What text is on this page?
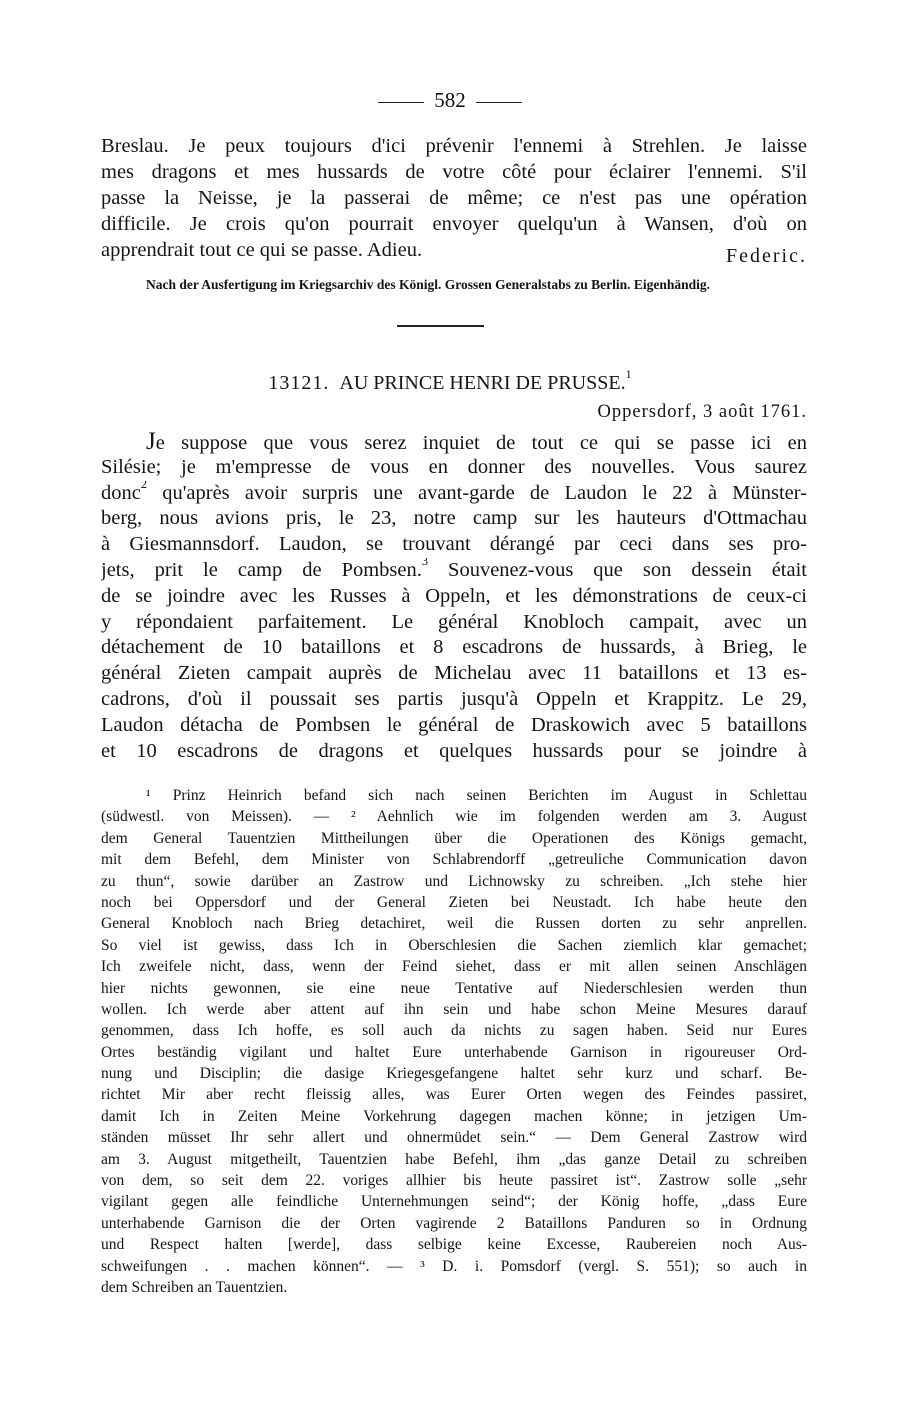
582
Breslau. Je peux toujours d'ici prévenir l'ennemi à Strehlen. Je laisse
mes dragons et mes hussards de votre côté pour éclairer l'ennemi. S'il
passe la Neisse, je la passerai de même; ce n'est pas une opération
difficile. Je crois qu'on pourrait envoyer quelqu'un à Wansen, d'où on
apprendrait tout ce qui se passe. Adieu.	Federic.
Nach der Ausfertigung im Kriegsarchiv des Königl. Grossen Generalstabs zu Berlin. Eigenhändig.
13121. AU PRINCE HENRI DE PRUSSE.$^1$
Oppersdorf, 3 août 1761.
Je suppose que vous serez inquiet de tout ce qui se passe ici en
Silésie; je m'empresse de vous en donner des nouvelles. Vous saurez
donc$^2$ qu'après avoir surpris une avant-garde de Laudon le 22 à Münster-
berg, nous avions pris, le 23, notre camp sur les hauteurs d'Ottmachau
à Giesmannsdorf. Laudon, se trouvant dérangé par ceci dans ses pro-
jets, prit le camp de Pombsen.$^3$ Souvenez-vous que son dessein était
de se joindre avec les Russes à Oppeln, et les démonstrations de ceux-ci
y répondaient parfaitement. Le général Knobloch campait, avec un
détachement de 10 bataillons et 8 escadrons de hussards, à Brieg, le
général Zieten campait auprès de Michelau avec 11 bataillons et 13 es-
cadrons, d'où il poussait ses partis jusqu'à Oppeln et Krappitz. Le 29,
Laudon détacha de Pombsen le général de Draskowich avec 5 bataillons
et 10 escadrons de dragons et quelques hussards pour se joindre à
¹ Prinz Heinrich befand sich nach seinen Berichten im August in Schlettau
(südwestl. von Meissen). — ² Aehnlich wie im folgenden werden am 3. August
dem General Tauentzien Mittheilungen über die Operationen des Königs gemacht,
mit dem Befehl, dem Minister von Schlabrendorff „getreuliche Communication davon
zu thun“, sowie darüber an Zastrow und Lichnowsky zu schreiben. „Ich stehe hier
noch bei Oppersdorf und der General Zieten bei Neustadt. Ich habe heute den
General Knobloch nach Brieg detachiret, weil die Russen dorten zu sehr anprellen.
So viel ist gewiss, dass Ich in Oberschlesien die Sachen ziemlich klar gemachet;
Ich zweifele nicht, dass, wenn der Feind siehet, dass er mit allen seinen Anschlägen
hier nichts gewonnen, sie eine neue Tentative auf Niederschlesien werden thun
wollen. Ich werde aber attent auf ihn sein und habe schon Meine Mesures darauf
genommen, dass Ich hoffe, es soll auch da nichts zu sagen haben. Seid nur Eures
Ortes beständig vigilant und haltet Eure unterhabende Garnison in rigoureuser Ord-
nung und Disciplin; die dasige Kriegesgefangene haltet sehr kurz und scharf. Be-
richtet Mir aber recht fleissig alles, was Eurer Orten wegen des Feindes passiret,
damit Ich in Zeiten Meine Vorkehrung dagegen machen könne; in jetzigen Um-
ständen müsset Ihr sehr allert und ohnermüdet sein.“ — Dem General Zastrow wird
am 3. August mitgetheilt, Tauentzien habe Befehl, ihm „das ganze Detail zu schreiben
von dem, so seit dem 22. voriges allhier bis heute passiret ist“. Zastrow solle „sehr
vigilant gegen alle feindliche Unternehmungen seind“; der König hoffe, „dass Eure
unterhabende Garnison die der Orten vagirende 2 Bataillons Panduren so in Ordnung
und Respect halten [werde], dass selbige keine Excesse, Raubereien noch Aus-
schweifungen . . machen können“. — ³ D. i. Pomsdorf (vergl. S. 551); so auch in
dem Schreiben an Tauentzien.
